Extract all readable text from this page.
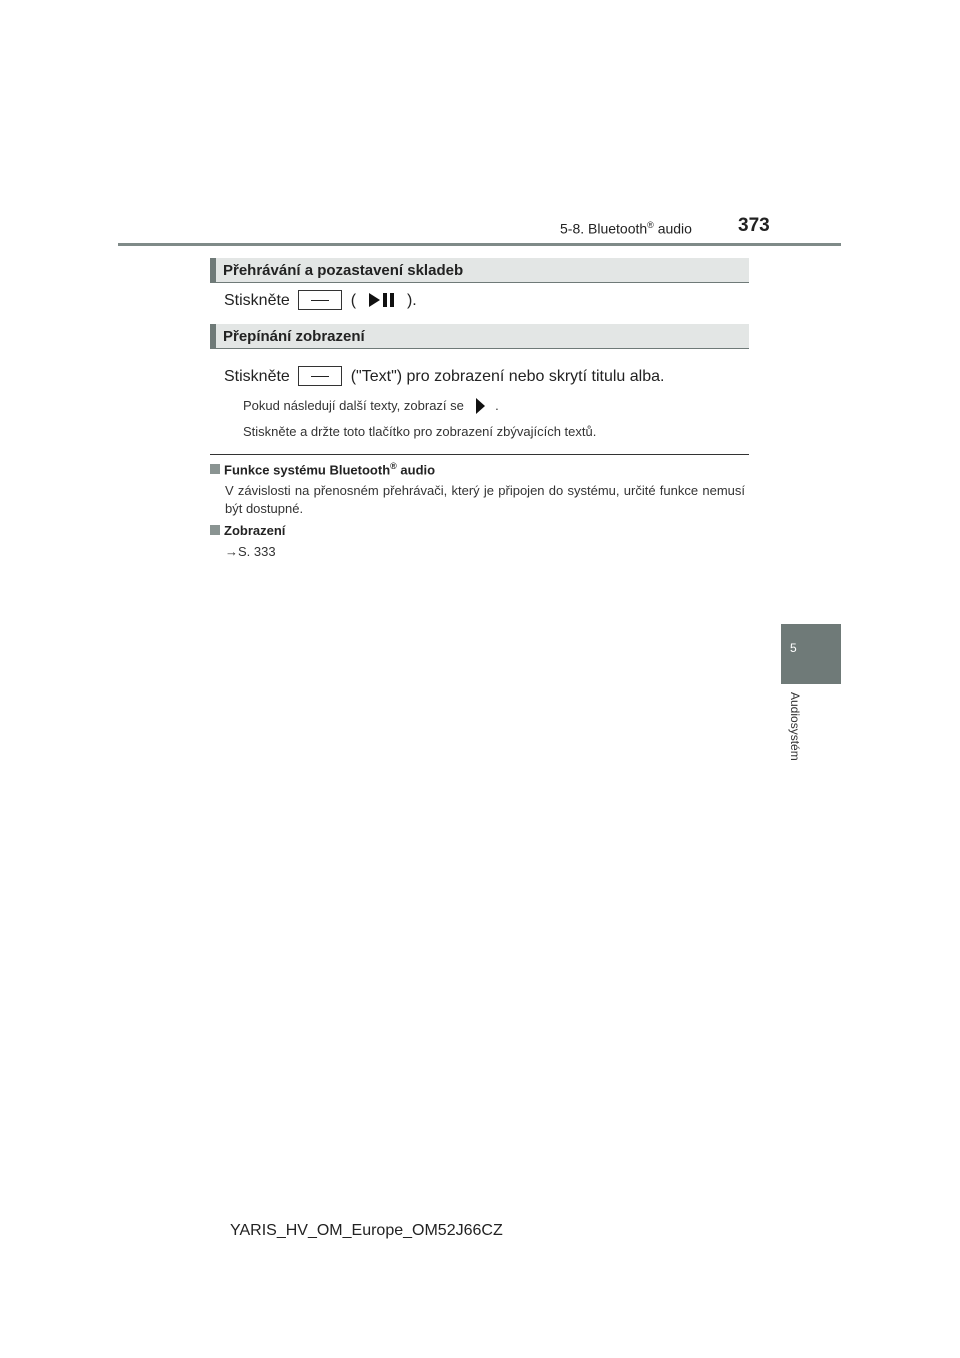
5-8. Bluetooth® audio 373
5
Audiosystém
Přehrávání a pozastavení skladeb
Stiskněte	(	).
Přepínání zobrazení
Stiskněte	("Text") pro zobrazení nebo skrytí titulu alba.
Pokud následují další texty, zobrazí se .
Stiskněte a držte toto tlačítko pro zobrazení zbývajících textů.
Funkce systému Bluetooth® audio
V závislosti na přenosném přehrávači, který je připojen do systému, určité funkce nemusí být dostupné.
Zobrazení
→S. 333
YARIS_HV_OM_Europe_OM52J66CZ
